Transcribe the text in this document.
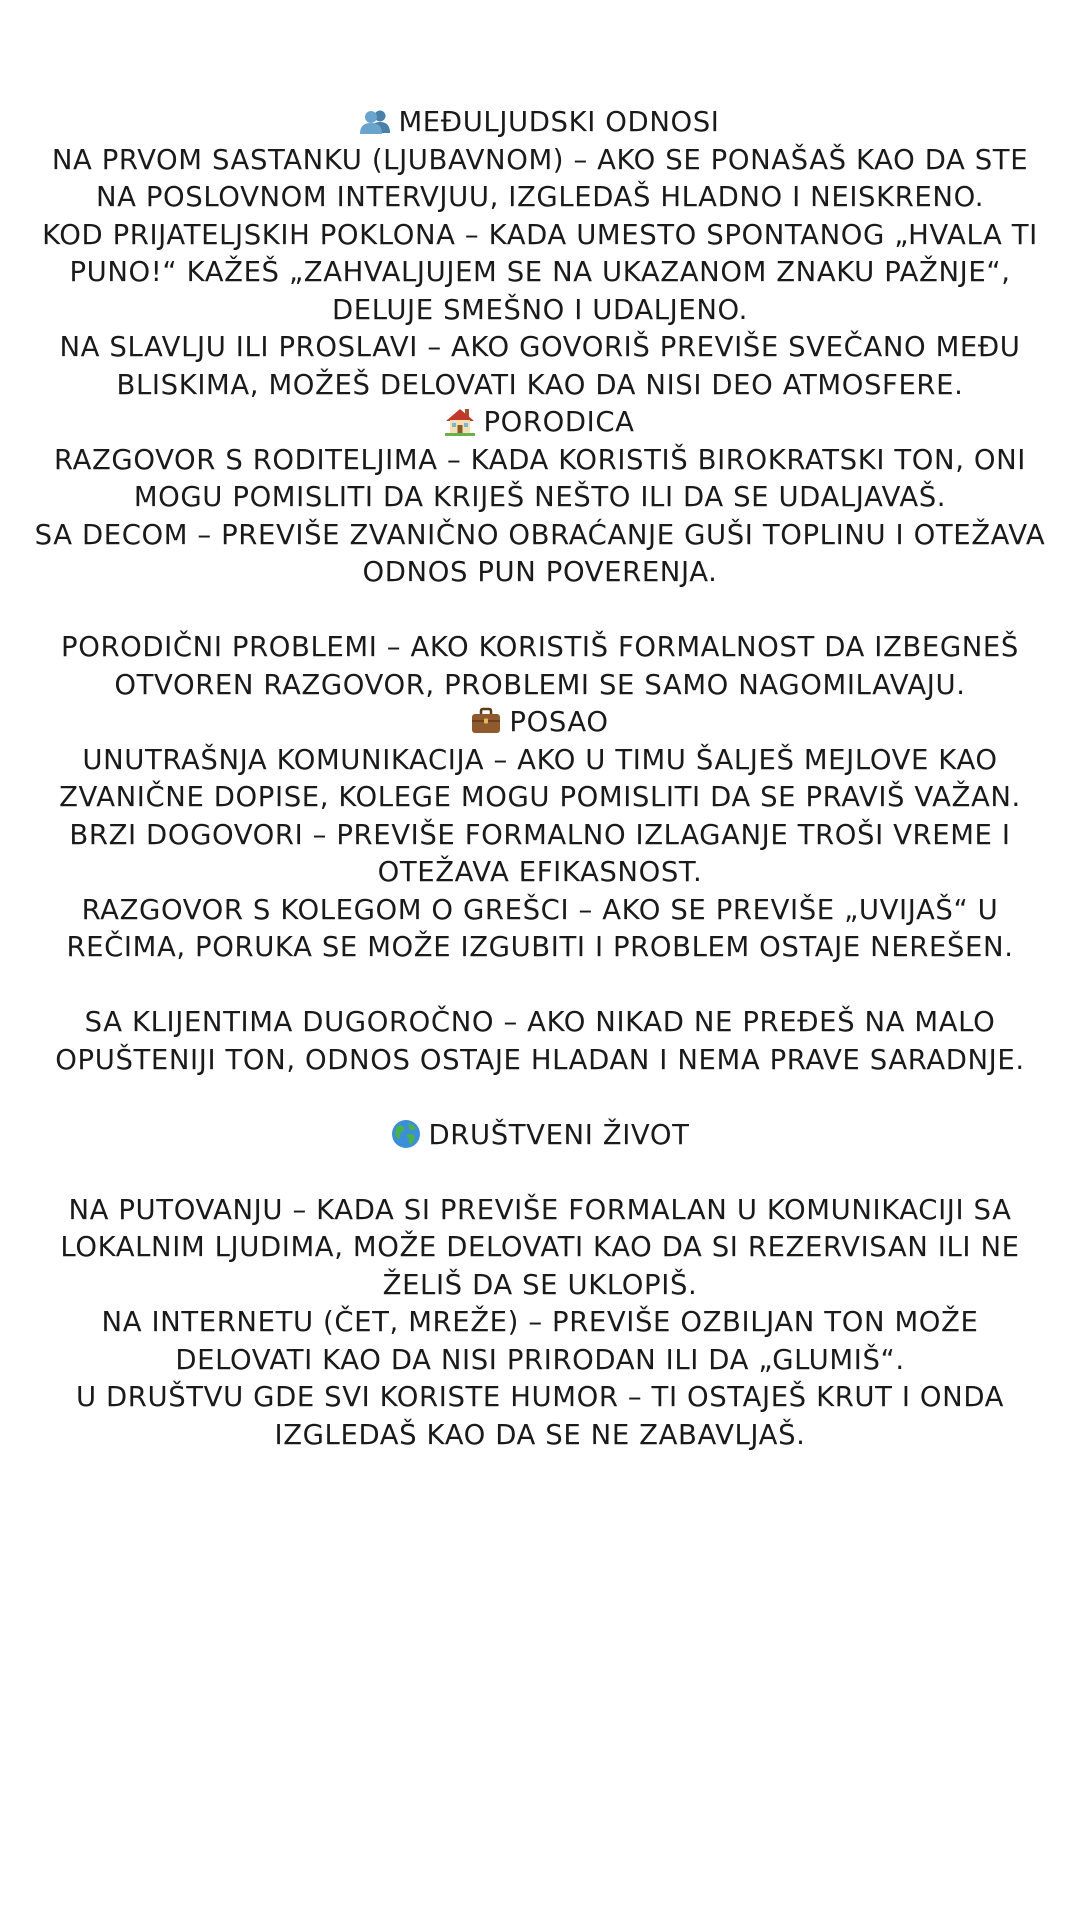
MEĐULJUDSKI ODNOSI
NA PRVOM SASTANKU (LJUBAVNOM) – AKO SE PONAŠAŠ KAO DA STE NA POSLOVNOM INTERVJUU, IZGLEDAŠ HLADNO I NEISKRENO.
KOD PRIJATELJSKIH POKLONA – KADA UMESTO SPONTANOG „HVALA TI PUNO!“ KAŽEŠ „ZAHVALJUJEM SE NA UKAZANOM ZNAKU PAŽNJE“, DELUJE SMEŠNO I UDALJENO.
NA SLAVLJU ILI PROSLAVI – AKO GOVORIŠ PREVIŠE SVEČANO MEĐU BLISKIMA, MOŽEŠ DELOVATI KAO DA NISI DEO ATMOSFERE.
PORODICA
RAZGOVOR S RODITELJIMA – KADA KORISTIŠ BIROKRATSKI TON, ONI MOGU POMISLITI DA KRIJEŠ NEŠTO ILI DA SE UDALJAVAŠ.
SA DECOM – PREVIŠE ZVANIČNO OBRAĆANJE GUŠI TOPLINU I OTEŽAVA ODNOS PUN POVERENJA.
PORODIČNI PROBLEMI – AKO KORISTIŠ FORMALNOST DA IZBEGNEŠ OTVOREN RAZGOVOR, PROBLEMI SE SAMO NAGOMILAVAJU.
POSAO
UNUTRAŠNJA KOMUNIKACIJA – AKO U TIMU ŠALJEŠ MEJLOVE KAO ZVANIČNE DOPISE, KOLEGE MOGU POMISLITI DA SE PRAVIŠ VAŽAN.
BRZI DOGOVORI – PREVIŠE FORMALNO IZLAGANJE TROŠI VREME I OTEŽAVA EFIKASNOST.
RAZGOVOR S KOLEGOM O GREŠCI – AKO SE PREVIŠE „UVIJAŠ“ U REČIMA, PORUKA SE MOŽE IZGUBITI I PROBLEM OSTAJE NEREŠEN.
SA KLIJENTIMA DUGOROČNO – AKO NIKAD NE PREĐEŠ NA MALO OPUŠTENIJI TON, ODNOS OSTAJE HLADAN I NEMA PRAVE SARADNJE.
DRUŠTVENI ŽIVOT
NA PUTOVANJU – KADA SI PREVIŠE FORMALAN U KOMUNIKACIJI SA LOKALNIM LJUDIMA, MOŽE DELOVATI KAO DA SI REZERVISAN ILI NE ŽELIŠ DA SE UKLOPIŠ.
NA INTERNETU (ČET, MREŽE) – PREVIŠE OZBILJAN TON MOŽE DELOVATI KAO DA NISI PRIRODAN ILI DA „GLUMIŠ“.
U DRUŠTVU GDE SVI KORISTE HUMOR – TI OSTAJEŠ KRUT I ONDA IZGLEDAŠ KAO DA SE NE ZABAVLJAŠ.
